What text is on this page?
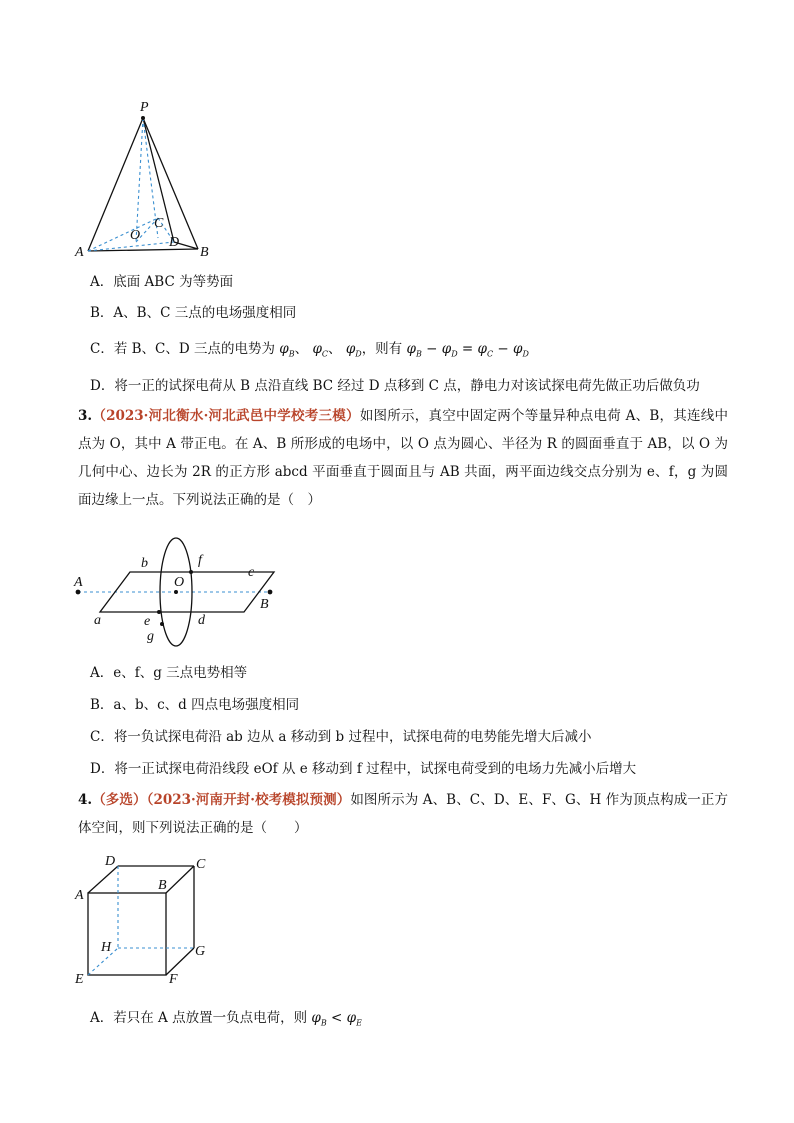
P
A	B
C
O D
A．底面 ABC 为等势面
B．A、B、C 三点的电场强度相同
C．若 B、C、D 三点的电势为 $\varphi_B$、 $\varphi_C$、 $\varphi_D$，则有 $\varphi_B - \varphi_D = \varphi_C - \varphi_D$
D．将一正的试探电荷从 B 点沿直线 BC 经过 D 点移到 C 点，静电力对该试探电荷先做正功后做负功
3.（2023·河北衡水·河北武邑中学校考三模）如图所示，真空中固定两个等量异种点电荷 A、B，其连线中点为 O，其中 A 带正电。在 A、B 所形成的电场中，以 O 点为圆心、半径为 R 的圆面垂直于 AB，以 O 为几何中心、边长为 2R 的正方形 abcd 平面垂直于圆面且与 AB 共面，两平面边线交点分别为 e、f，g 为圆面边缘上一点。下列说法正确的是（　）
A
B
O
a
b
c
d
e
f
g
A．e、f、g 三点电势相等
B．a、b、c、d 四点电场强度相同
C．将一负试探电荷沿 ab 边从 a 移动到 b 过程中，试探电荷的电势能先增大后减小
D．将一正试探电荷沿线段 eOf 从 e 移动到 f 过程中，试探电荷受到的电场力先减小后增大
4.（多选）（2023·河南开封·校考模拟预测）如图所示为 A、B、C、D、E、F、G、H 作为顶点构成一正方体空间，则下列说法正确的是（　　）
A
B
C
D
E	F
G
H
A．若只在 A 点放置一负点电荷，则 $\varphi_B < \varphi_E$
